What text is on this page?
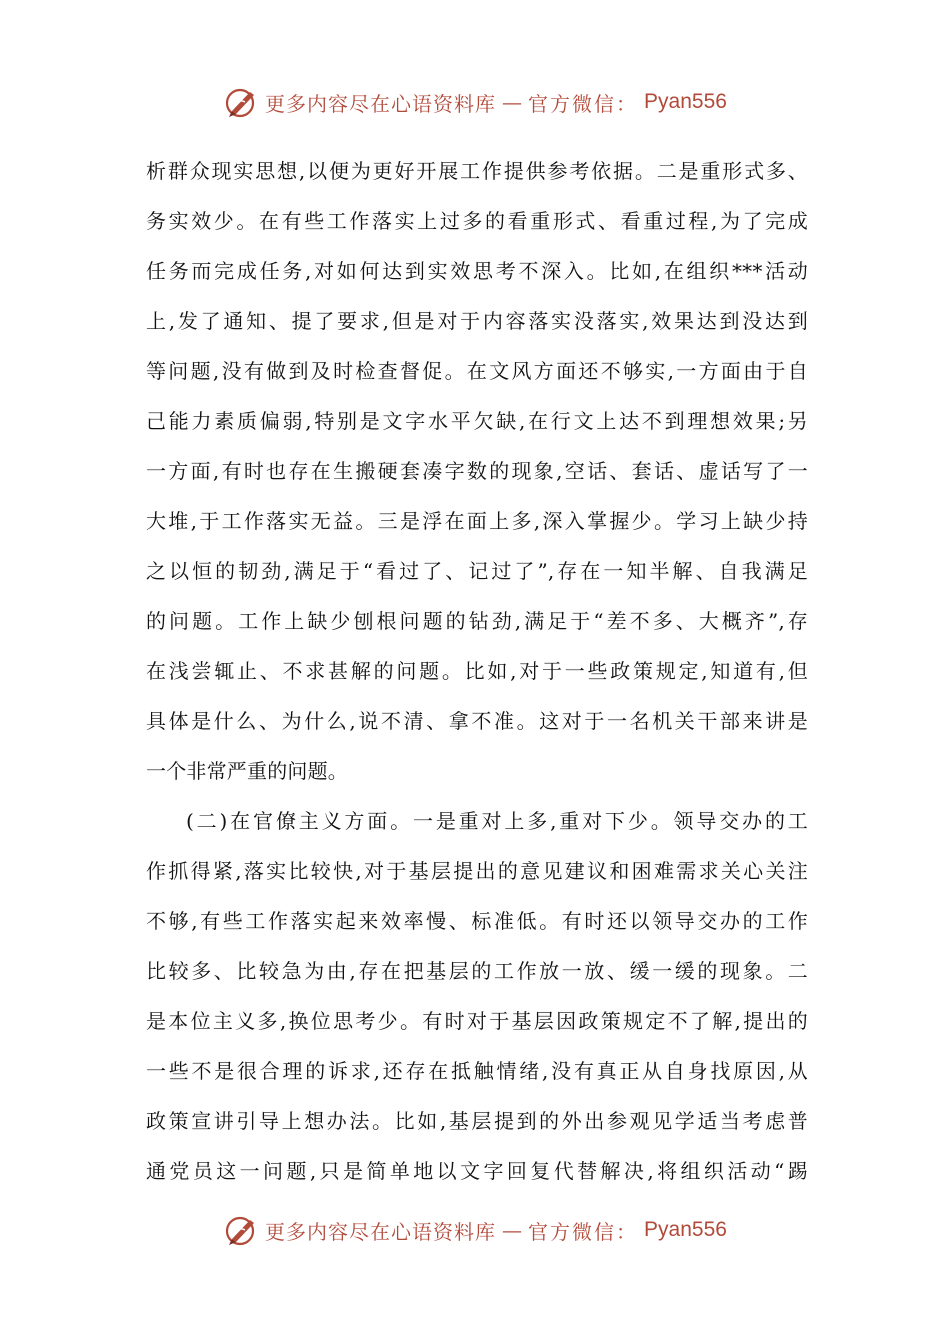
更多内容尽在心语资料库 — 官方微信： Pyan556
析群众现实思想,以便为更好开展工作提供参考依据。二是重形式多、
务实效少。在有些工作落实上过多的看重形式、看重过程,为了完成
任务而完成任务,对如何达到实效思考不深入。比如,在组织***活动
上,发了通知、提了要求,但是对于内容落实没落实,效果达到没达到
等问题,没有做到及时检查督促。在文风方面还不够实,一方面由于自
己能力素质偏弱,特别是文字水平欠缺,在行文上达不到理想效果;另
一方面,有时也存在生搬硬套凑字数的现象,空话、套话、虚话写了一
大堆,于工作落实无益。三是浮在面上多,深入掌握少。学习上缺少持
之以恒的韧劲,满足于“看过了、记过了”,存在一知半解、自我满足
的问题。工作上缺少刨根问题的钻劲,满足于“差不多、大概齐”,存
在浅尝辄止、不求甚解的问题。比如,对于一些政策规定,知道有,但
具体是什么、为什么,说不清、拿不准。这对于一名机关干部来讲是
一个非常严重的问题。
(二)在官僚主义方面。一是重对上多,重对下少。领导交办的工
作抓得紧,落实比较快,对于基层提出的意见建议和困难需求关心关注
不够,有些工作落实起来效率慢、标准低。有时还以领导交办的工作
比较多、比较急为由,存在把基层的工作放一放、缓一缓的现象。二
是本位主义多,换位思考少。有时对于基层因政策规定不了解,提出的
一些不是很合理的诉求,还存在抵触情绪,没有真正从自身找原因,从
政策宣讲引导上想办法。比如,基层提到的外出参观见学适当考虑普
通党员这一问题,只是简单地以文字回复代替解决,将组织活动“踢
更多内容尽在心语资料库 — 官方微信： Pyan556
